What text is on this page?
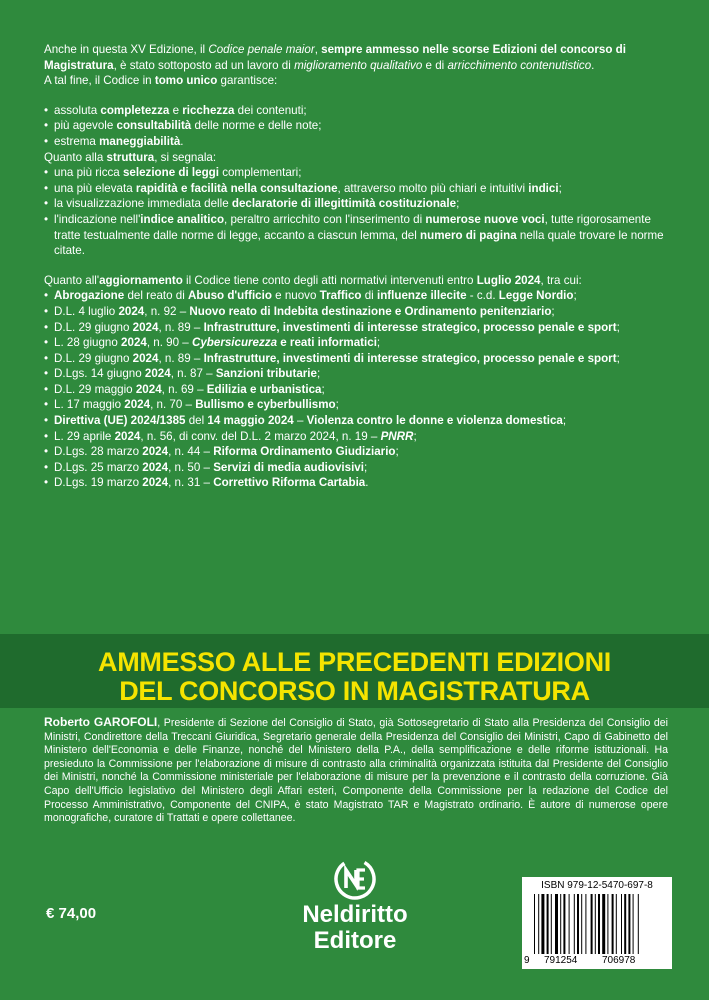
Anche in questa XV Edizione, il Codice penale maior, sempre ammesso nelle scorse Edizioni del concorso di Magistratura, è stato sottoposto ad un lavoro di miglioramento qualitativo e di arricchimento contenutistico.
A tal fine, il Codice in tomo unico garantisce:

• assoluta completezza e ricchezza dei contenuti;
• più agevole consultabilità delle norme e delle note;
• estrema maneggiabilità.

Quanto alla struttura, si segnala:

• una più ricca selezione di leggi complementari;
• una più elevata rapidità e facilità nella consultazione, attraverso molto più chiari e intuitivi indici;
• la visualizzazione immediata delle declaratorie di illegittimità costituzionale;
• l'indicazione nell'indice analitico, peraltro arricchito con l'inserimento di numerose nuove voci, tutte rigorosamente tratte testualmente dalle norme di legge, accanto a ciascun lemma, del numero di pagina nella quale trovare le norme citate.

Quanto all'aggiornamento il Codice tiene conto degli atti normativi intervenuti entro Luglio 2024, tra cui:

• Abrogazione del reato di Abuso d'ufficio e nuovo Traffico di influenze illecite - c.d. Legge Nordio;
• D.L. 4 luglio 2024, n. 92 – Nuovo reato di Indebita destinazione e Ordinamento penitenziario;
• D.L. 29 giugno 2024, n. 89 – Infrastrutture, investimenti di interesse strategico, processo penale e sport;
• L. 28 giugno 2024, n. 90 – Cybersicurezza e reati informatici;
• D.L. 29 giugno 2024, n. 89 – Infrastrutture, investimenti di interesse strategico, processo penale e sport;
• D.Lgs. 14 giugno 2024, n. 87 – Sanzioni tributarie;
• D.L. 29 maggio 2024, n. 69 – Edilizia e urbanistica;
• L. 17 maggio 2024, n. 70 – Bullismo e cyberbullismo;
• Direttiva (UE) 2024/1385 del 14 maggio 2024 – Violenza contro le donne e violenza domestica;
• L. 29 aprile 2024, n. 56, di conv. del D.L. 2 marzo 2024, n. 19 – PNRR;
• D.Lgs. 28 marzo 2024, n. 44 – Riforma Ordinamento Giudiziario;
• D.Lgs. 25 marzo 2024, n. 50 – Servizi di media audiovisivi;
• D.Lgs. 19 marzo 2024, n. 31 – Correttivo Riforma Cartabia.
AMMESSO ALLE PRECEDENTI EDIZIONI
DEL CONCORSO IN MAGISTRATURA
Roberto GAROFOLI, Presidente di Sezione del Consiglio di Stato, già Sottosegretario di Stato alla Presidenza del Consiglio dei Ministri, Condirettore della Treccani Giuridica, Segretario generale della Presidenza del Consiglio dei Ministri, Capo di Gabinetto del Ministero dell'Economia e delle Finanze, nonché del Ministero della P.A., della semplificazione e delle riforme istituzionali. Ha presieduto la Commissione per l'elaborazione di misure di contrasto alla criminalità organizzata istituita dal Presidente del Consiglio dei Ministri, nonché la Commissione ministeriale per l'elaborazione di misure per la prevenzione e il contrasto della corruzione. Già Capo dell'Ufficio legislativo del Ministero degli Affari esteri, Componente della Commissione per la redazione del Codice del Processo Amministrativo, Componente del CNIPA, è stato Magistrato TAR e Magistrato ordinario. È autore di numerose opere monografiche, curatore di Trattati e opere collettanee.
€ 74,00	Neldiritto
Editore
ISBN 979-12-5470-697-8
9 791254 706978
